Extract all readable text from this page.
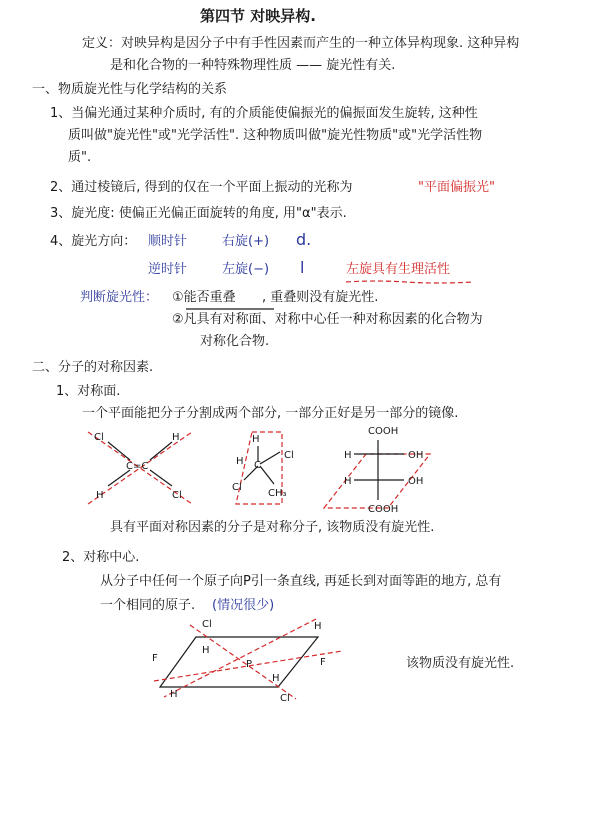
第四节 对映异构.
定义：对映异构是因分子中有手性因素而产生的一种立体异构现象. 这种异构
是和化合物的一种特殊物理性质 —— 旋光性有关.
一、物质旋光性与化学结构的关系
1、当偏光通过某种介质时, 有的介质能使偏振光的偏振面发生旋转, 这种性
质叫做"旋光性"或"光学活性". 这种物质叫做"旋光性物质"或"光学活性物
质".
2、通过棱镜后, 得到的仅在一个平面上振动的光称为	"平面偏振光"
3、旋光度: 使偏正光偏正面旋转的角度, 用"α"表示.
4、旋光方向： 顺时针	右旋(+) d.
逆时针	左旋(−) l	左旋具有生理活性
判断旋光性： ①能否重叠 , 重叠则没有旋光性.
②凡具有对称面、对称中心任一种对称因素的化合物为
对称化合物.
二、分子的对称因素.
1、对称面.
一个平面能把分子分割成两个部分, 一部分正好是另一部分的镜像.
Cl
H
H
Cl
C=C
H
H C
Cl
Cl
CH₃
COOH
H	OH
H	OH
COOH
具有平面对称因素的分子是对称分子, 该物质没有旋光性.
2、对称中心.
从分子中任何一个原子向P引一条直线, 再延长到对面等距的地方, 总有
一个相同的原子. (情况很少)
Cl
H
H
F	F
P
H
H	Cl
该物质没有旋光性.
